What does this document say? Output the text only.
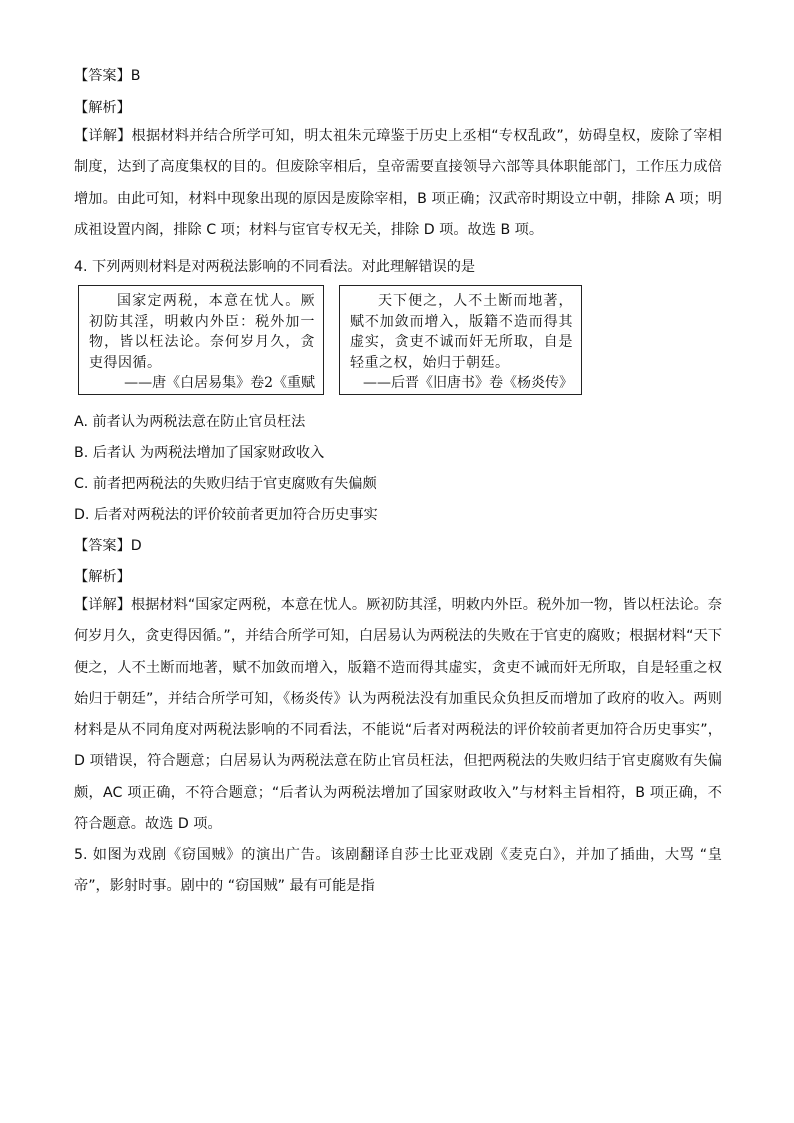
【答案】B
【解析】
【详解】根据材料并结合所学可知，明太祖朱元璋鉴于历史上丞相“专权乱政”，妨碍皇权，废除了宰相制度，达到了高度集权的目的。但废除宰相后，皇帝需要直接领导六部等具体职能部门，工作压力成倍增加。由此可知，材料中现象出现的原因是废除宰相，B 项正确；汉武帝时期设立中朝，排除 A 项；明成祖设置内阁，排除 C 项；材料与宦官专权无关，排除 D 项。故选 B 项。
4. 下列两则材料是对两税法影响的不同看法。对此理解错误的是
国家定两税，本意在忧人。厥初防其淫，明敕内外臣：税外加一物，皆以枉法论。奈何岁月久，贪吏得因循。
——唐《白居易集》卷2《重赋
天下便之，人不土断而地著，赋不加敛而增入，版籍不造而得其虚实，贪吏不诚而奸无所取，自是轻重之权，始归于朝廷。
——后晋《旧唐书》卷《杨炎传》
A. 前者认为两税法意在防止官员枉法
B. 后者认 为两税法增加了国家财政收入
C. 前者把两税法的失败归结于官吏腐败有失偏颇
D. 后者对两税法的评价较前者更加符合历史事实
【答案】D
【解析】
【详解】根据材料“国家定两税，本意在忧人。厥初防其淫，明敕内外臣。税外加一物，皆以枉法论。奈何岁月久，贪吏得因循。”，并结合所学可知，白居易认为两税法的失败在于官吏的腐败；根据材料“天下便之，人不土断而地著，赋不加敛而增入，版籍不造而得其虚实，贪吏不诫而奸无所取，自是轻重之权始归于朝廷”，并结合所学可知，《杨炎传》认为两税法没有加重民众负担反而增加了政府的收入。两则材料是从不同角度对两税法影响的不同看法，不能说“后者对两税法的评价较前者更加符合历史事实”，D 项错误，符合题意；白居易认为两税法意在防止官员枉法，但把两税法的失败归结于官吏腐败有失偏颇，AC 项正确，不符合题意；“后者认为两税法增加了国家财政收入”与材料主旨相符，B 项正确，不符合题意。故选 D 项。
5. 如图为戏剧《窃国贼》的演出广告。该剧翻译自莎士比亚戏剧《麦克白》，并加了插曲，大骂 “皇帝”，影射时事。剧中的 “窃国贼” 最有可能是指
